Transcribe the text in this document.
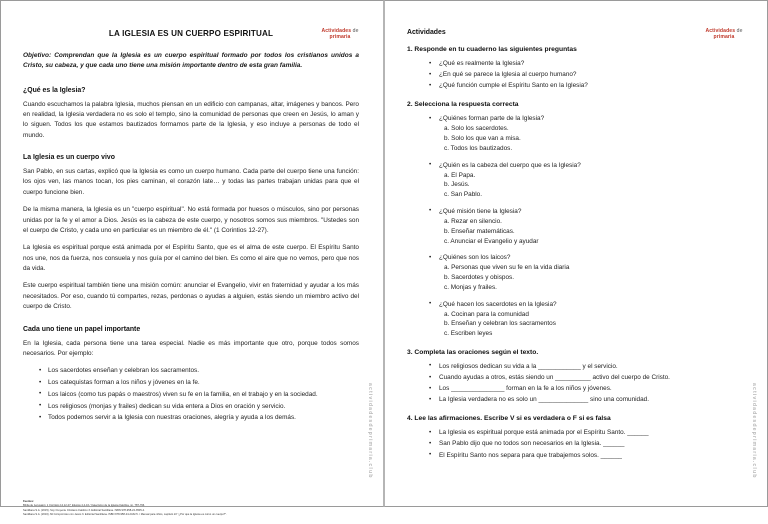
Actividades de
primaria
LA IGLESIA ES UN CUERPO ESPIRITUAL
Objetivo: Comprendan que la Iglesia es un cuerpo espiritual formado por todos los cristianos unidos a Cristo, su cabeza, y que cada uno tiene una misión importante dentro de esta gran familia.
¿Qué es la Iglesia?

Cuando escuchamos la palabra Iglesia, muchos piensan en un edificio con campanas, altar, imágenes y bancos. Pero en realidad, la Iglesia verdadera no es solo el templo, sino la comunidad de personas que creen en Jesús, lo aman y lo siguen. Todos los que estamos bautizados formamos parte de la Iglesia, y eso incluye a personas de todo el mundo.

La Iglesia es un cuerpo vivo

San Pablo, en sus cartas, explicó que la Iglesia es como un cuerpo humano. Cada parte del cuerpo tiene una función: los ojos ven, las manos tocan, los pies caminan, el corazón late… y todas las partes trabajan unidas para que el cuerpo funcione bien.

De la misma manera, la Iglesia es un "cuerpo espiritual". No está formada por huesos o músculos, sino por personas unidas por la fe y el amor a Dios. Jesús es la cabeza de este cuerpo, y nosotros somos sus miembros. "Ustedes son el cuerpo de Cristo, y cada uno en particular es un miembro de él." (1 Corintios 12-27).

La Iglesia es espiritual porque está animada por el Espíritu Santo, que es el alma de este cuerpo. El Espíritu Santo nos une, nos da fuerza, nos consuela y nos guía por el camino del bien. Es como el aire que no vemos, pero que nos da vida.

Este cuerpo espiritual también tiene una misión común: anunciar el Evangelio, vivir en fraternidad y ayudar a los más necesitados. Por eso, cuando tú compartes, rezas, perdonas o ayudas a alguien, estás siendo un miembro activo del cuerpo de Cristo.

Cada uno tiene un papel importante

En la Iglesia, cada persona tiene una tarea especial. Nadie es más importante que otro, porque todos somos necesarios. Por ejemplo:

• Los sacerdotes enseñan y celebran los sacramentos.
• Los catequistas forman a los niños y jóvenes en la fe.
• Los laicos (como tus papás o maestros) viven su fe en la familia, en el trabajo y en la sociedad.
• Los religiosos (monjas y frailes) dedican su vida entera a Dios en oración y servicio.
• Todos podemos servir a la Iglesia con nuestras oraciones, alegría y ayuda a los demás.	actividadesdeprimaria.club
Fuentes:
Biblia de Jerusalén: 1 Corintios 12,12-27; Efesios 4,4-16 / Catecismo de la Iglesia Católica, nn. 787-796.
Santillana S.A. (2015). Soy Creyente Cristiano Católico 3. Editorial Santillana. ISBN 978-958-24-3505-4.
Santillana S.A. (2016). Mi Compromiso con Jesús 3. Editorial Santillana. ISBN 978-958-24-2432-5. / Manual para niños, capítulo 22 "¿Por qué la Iglesia es como un cuerpo?".
Actividades de
primaria
Actividades
1. Responde en tu cuaderno las siguientes preguntas
• ¿Qué es realmente la Iglesia?
• ¿En qué se parece la Iglesia al cuerpo humano?
• ¿Qué función cumple el Espíritu Santo en la Iglesia?
2. Selecciona la respuesta correcta
• ¿Quiénes forman parte de la Iglesia?
a. Solo los sacerdotes.
b. Solo los que van a misa.
c. Todos los bautizados.
• ¿Quién es la cabeza del cuerpo que es la Iglesia?
a. El Papa.
b. Jesús.
c. San Pablo.
• ¿Qué misión tiene la Iglesia?
a. Rezar en silencio.
b. Enseñar matemáticas.
c. Anunciar el Evangelio y ayudar
• ¿Quiénes son los laicos?
a. Personas que viven su fe en la vida diaria
b. Sacerdotes y obispos.
c. Monjas y frailes.
• ¿Qué hacen los sacerdotes en la Iglesia?
a. Cocinan para la comunidad
b. Enseñan y celebran los sacramentos
c. Escriben leyes
3. Completa las oraciones según el texto.
• Los religiosos dedican su vida a la ____________ y el servicio.
• Cuando ayudas a otros, estás siendo un __________ activo del cuerpo de Cristo.
• Los _______________ forman en la fe a los niños y jóvenes.
• La Iglesia verdadera no es solo un ______________ sino una comunidad.
4. Lee las afirmaciones. Escribe V si es verdadera o F si es falsa
• La Iglesia es espiritual porque está animada por el Espíritu Santo. ______
• San Pablo dijo que no todos son necesarios en la Iglesia. ______
• El Espíritu Santo nos separa para que trabajemos solos. ______	actividadesdeprimaria.club
